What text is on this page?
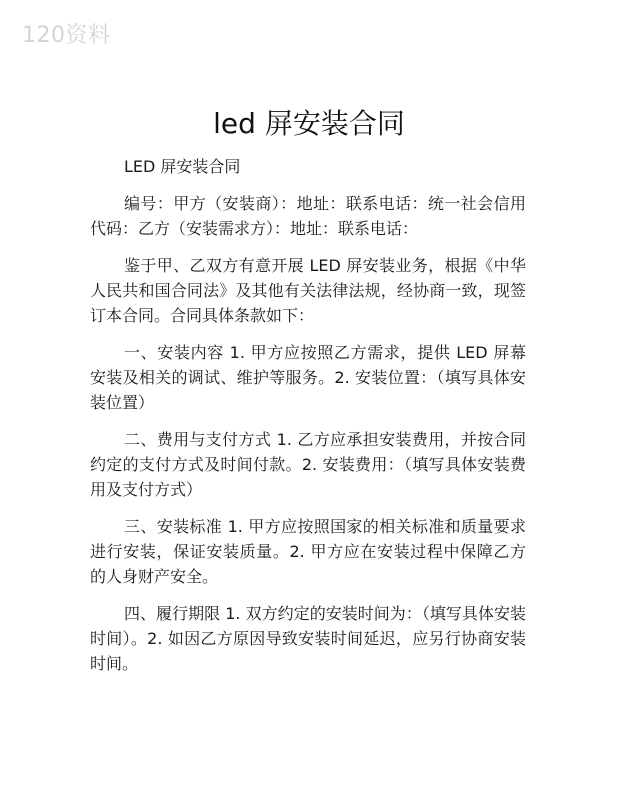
120资料
led 屏安装合同

LED 屏安装合同

编号：甲方（安装商）：地址：联系电话：统一社会信用代码：乙方（安装需求方）：地址：联系电话：

鉴于甲、乙双方有意开展 LED 屏安装业务，根据《中华人民共和国合同法》及其他有关法律法规，经协商一致，现签订本合同。合同具体条款如下：

一、安装内容 1. 甲方应按照乙方需求，提供 LED 屏幕安装及相关的调试、维护等服务。2. 安装位置：（填写具体安装位置）

二、费用与支付方式 1. 乙方应承担安装费用，并按合同约定的支付方式及时间付款。2. 安装费用：（填写具体安装费用及支付方式）

三、安装标准 1. 甲方应按照国家的相关标准和质量要求进行安装，保证安装质量。2. 甲方应在安装过程中保障乙方的人身财产安全。

四、履行期限 1. 双方约定的安装时间为：（填写具体安装时间）。2. 如因乙方原因导致安装时间延迟，应另行协商安装时间。
